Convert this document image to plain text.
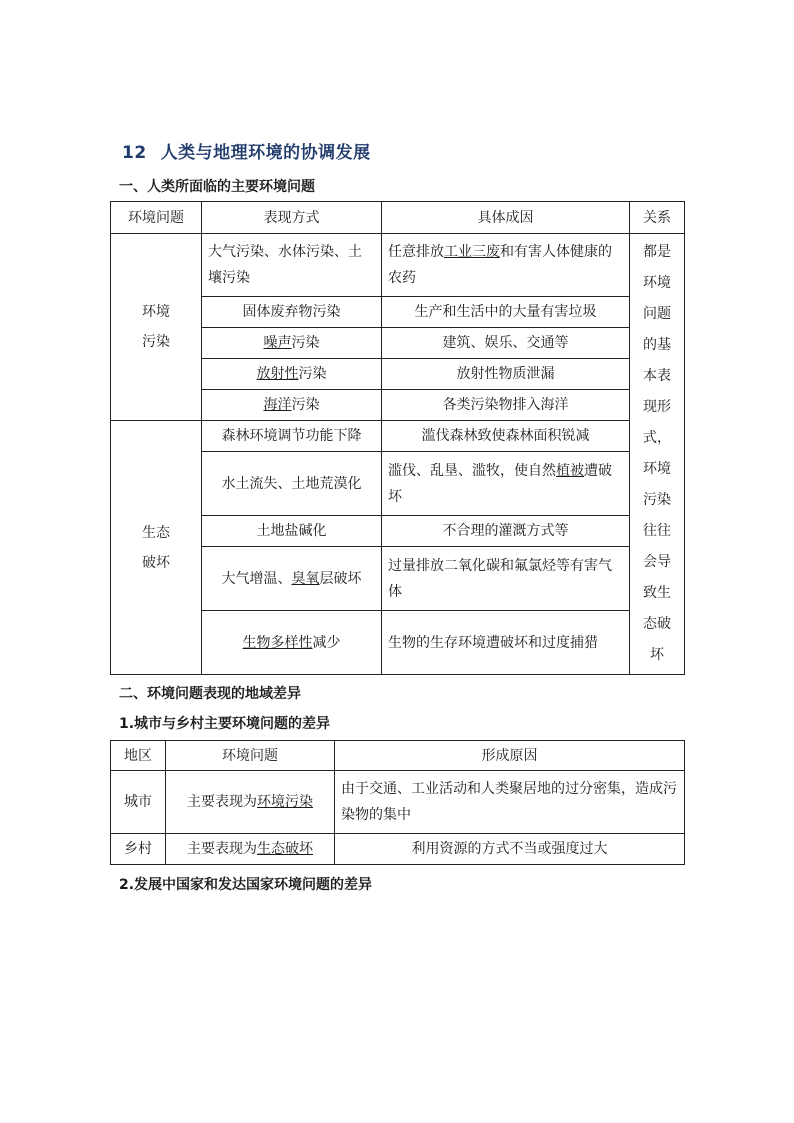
12 人类与地理环境的协调发展
一、人类所面临的主要环境问题
环境问题	表现方式	具体成因	关系

环境污染	大气污染、水体污染、土壤污染	任意排放工业三废和有害人体健康的农药	都是环境问题的基本表现形式，环境污染往往会导致生态破坏

	固体废弃物污染	生产和生活中的大量有害垃圾	
	噪声污染	建筑、娱乐、交通等	
	放射性污染	放射性物质泄漏	
	海洋污染	各类污染物排入海洋	

生态破坏	森林环境调节功能下降	滥伐森林致使森林面积锐减	
	水土流失、土地荒漠化	滥伐、乱垦、滥牧，使自然植被遭破坏	
	土地盐碱化	不合理的灌溉方式等	
	大气增温、臭氧层破坏	过量排放二氧化碳和氟氯烃等有害气体	
	生物多样性减少	生物的生存环境遭破坏和过度捕猎	
二、环境问题表现的地域差异
1.城市与乡村主要环境问题的差异
地区	环境问题	形成原因
城市	主要表现为环境污染	由于交通、工业活动和人类聚居地的过分密集，造成污染物的集中
乡村	主要表现为生态破坏	利用资源的方式不当或强度过大
2.发展中国家和发达国家环境问题的差异
